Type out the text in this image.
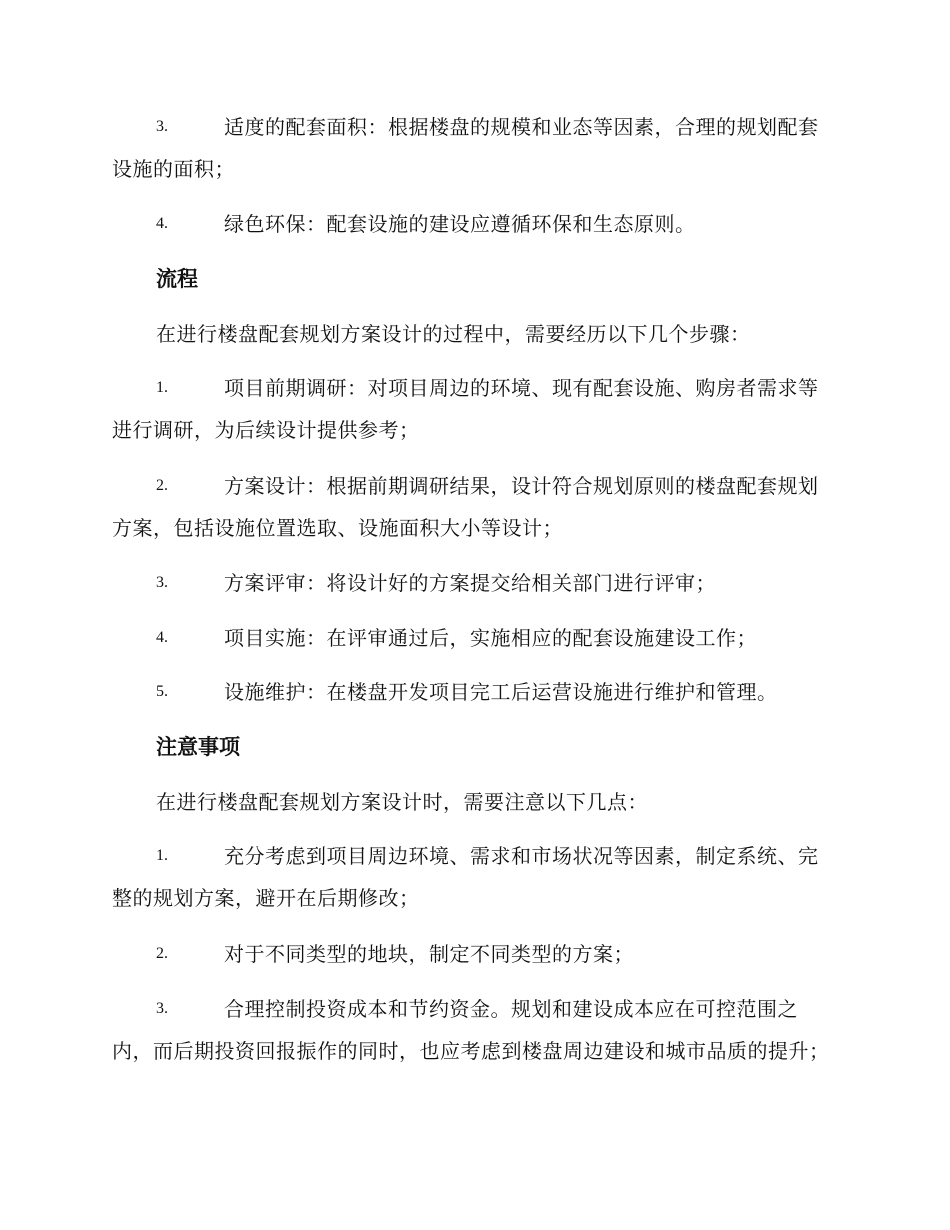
3.	适度的配套面积：根据楼盘的规模和业态等因素，合理的规划配套设施的面积；
4.	绿色环保：配套设施的建设应遵循环保和生态原则。
流程
在进行楼盘配套规划方案设计的过程中，需要经历以下几个步骤：
1.	项目前期调研：对项目周边的环境、现有配套设施、购房者需求等进行调研，为后续设计提供参考；
2.	方案设计：根据前期调研结果，设计符合规划原则的楼盘配套规划方案，包括设施位置选取、设施面积大小等设计；
3.	方案评审：将设计好的方案提交给相关部门进行评审；
4.	项目实施：在评审通过后，实施相应的配套设施建设工作；
5.	设施维护：在楼盘开发项目完工后运营设施进行维护和管理。
注意事项
在进行楼盘配套规划方案设计时，需要注意以下几点：
1.	充分考虑到项目周边环境、需求和市场状况等因素，制定系统、完整的规划方案，避开在后期修改；
2.	对于不同类型的地块，制定不同类型的方案；
3.	合理控制投资成本和节约资金。规划和建设成本应在可控范围之内，而后期投资回报振作的同时，也应考虑到楼盘周边建设和城市品质的提升；
